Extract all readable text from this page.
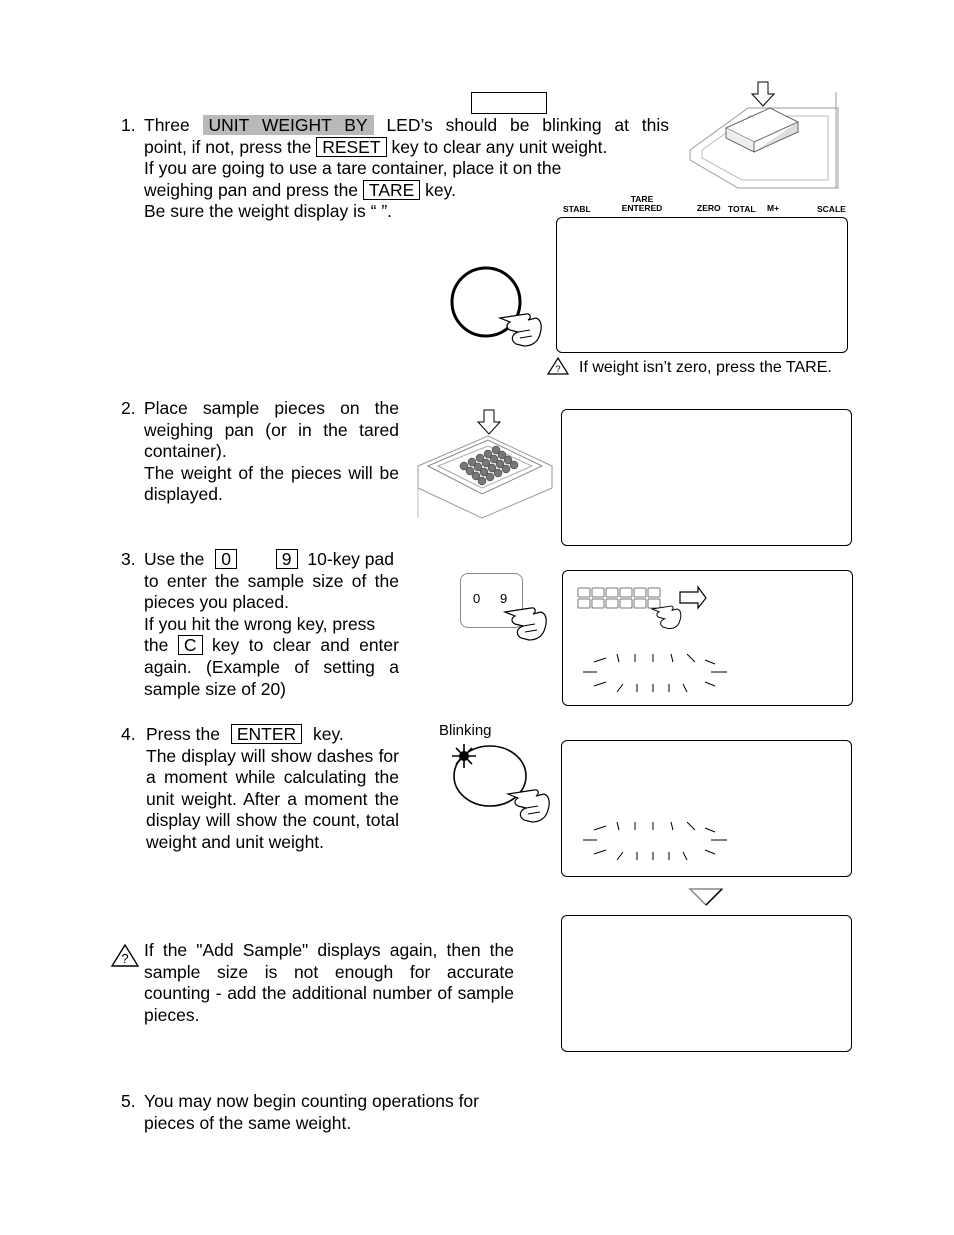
1. Three UNIT WEIGHT BY LED’s should be blinking at this
point, if not, press the RESET key to clear any unit weight.
If you are going to use a tare container, place it on the
weighing pan and press the TARE key.
Be sure the weight display is “ ”.	STABL
TARE
ENTERED	ZERO TOTAL M+	SCALE
? If weight isn’t zero, press the TARE.
2. Place sample pieces on the
weighing pan (or in the tared
container).
The weight of the pieces will be
displayed.
3. Use the 0	9 10-key pad
to enter the sample size of the
pieces you placed.
If you hit the wrong key, press
the C key to clear and enter
again. (Example of setting a
sample size of 20)
0 9
4. Press the ENTER key.
The display will show dashes for
a moment while calculating the
unit weight. After a moment the
display will show the count, total
weight and unit weight.
Blinking
? If the "Add Sample" displays again, then the
sample size is not enough for accurate
counting - add the additional number of sample
pieces.
5. You may now begin counting operations for
pieces of the same weight.
